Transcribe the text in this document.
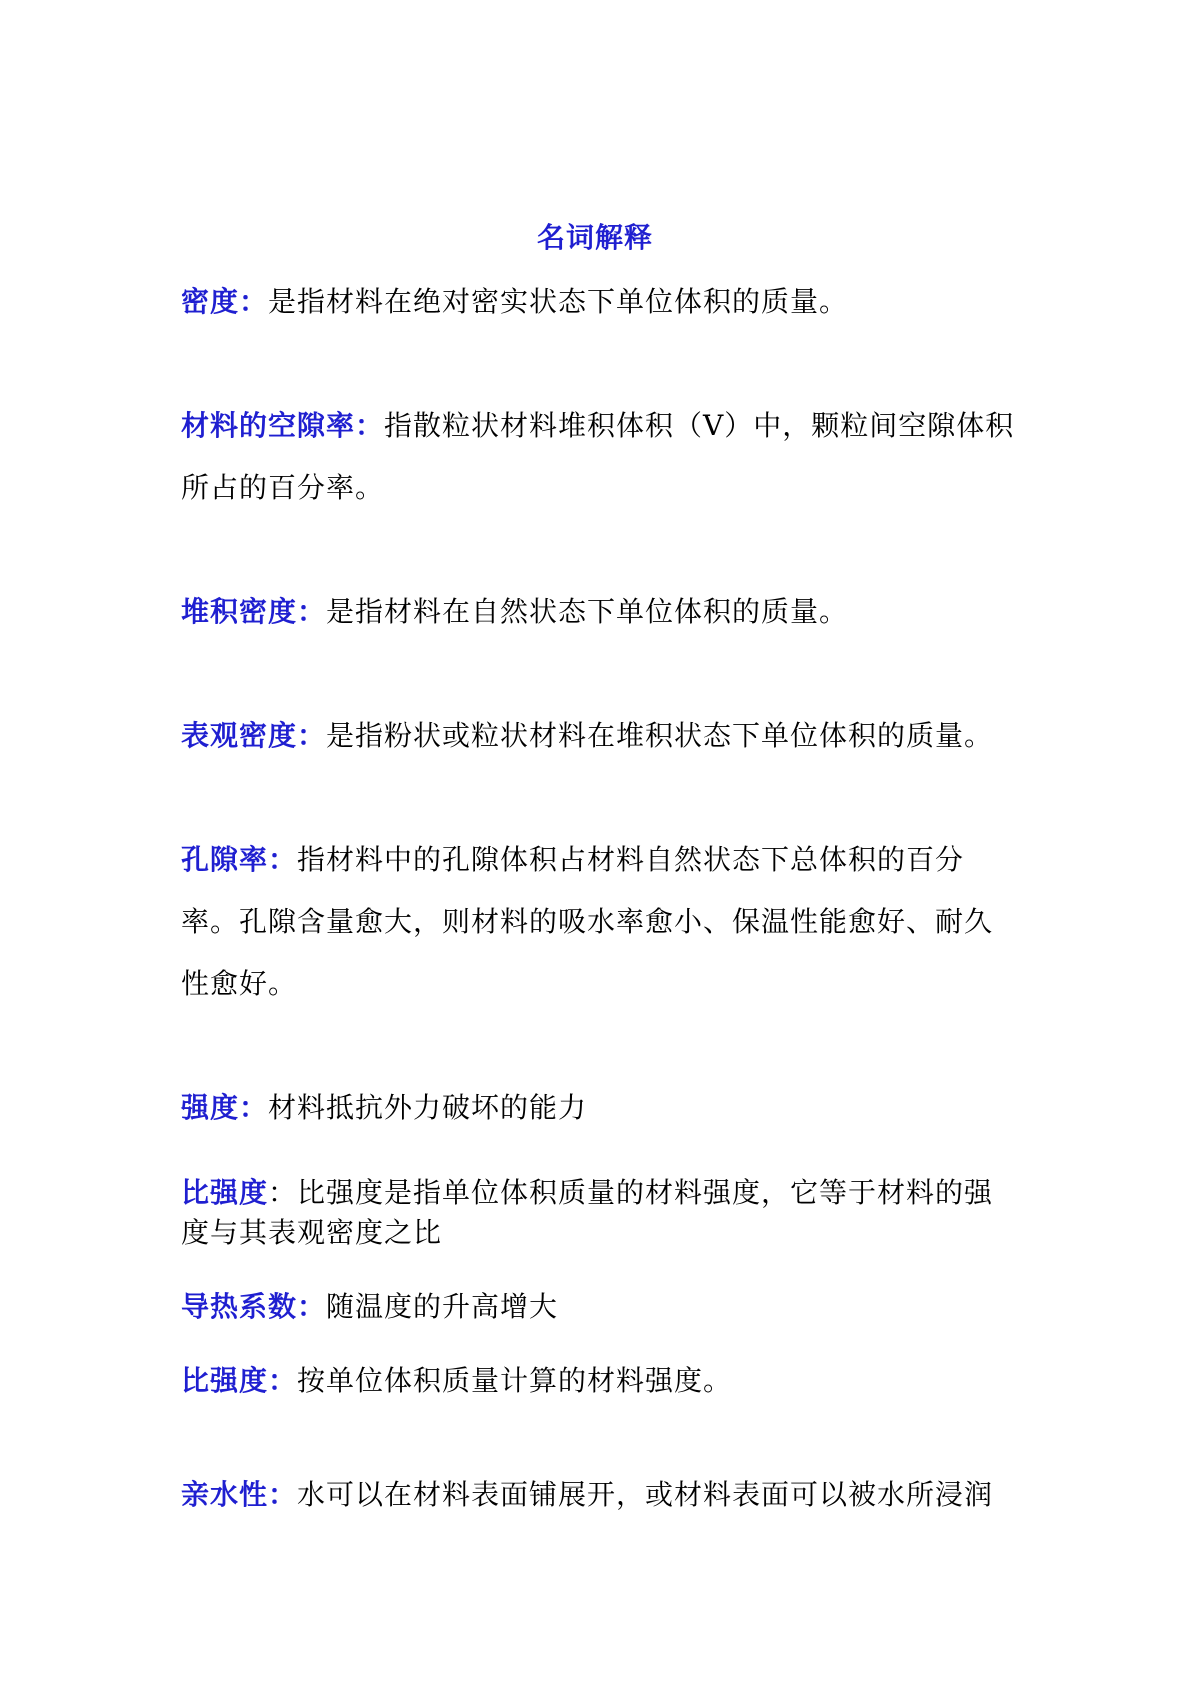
名词解释
密度：是指材料在绝对密实状态下单位体积的质量。
材料的空隙率：指散粒状材料堆积体积（V）中，颗粒间空隙体积所占的百分率。
堆积密度：是指材料在自然状态下单位体积的质量。
表观密度：是指粉状或粒状材料在堆积状态下单位体积的质量。
孔隙率：指材料中的孔隙体积占材料自然状态下总体积的百分率。孔隙含量愈大，则材料的吸水率愈小、保温性能愈好、耐久性愈好。
强度：材料抵抗外力破坏的能力
比强度：比强度是指单位体积质量的材料强度，它等于材料的强度与其表观密度之比
导热系数：随温度的升高增大
比强度：按单位体积质量计算的材料强度。
亲水性：水可以在材料表面铺展开，或材料表面可以被水所浸润
